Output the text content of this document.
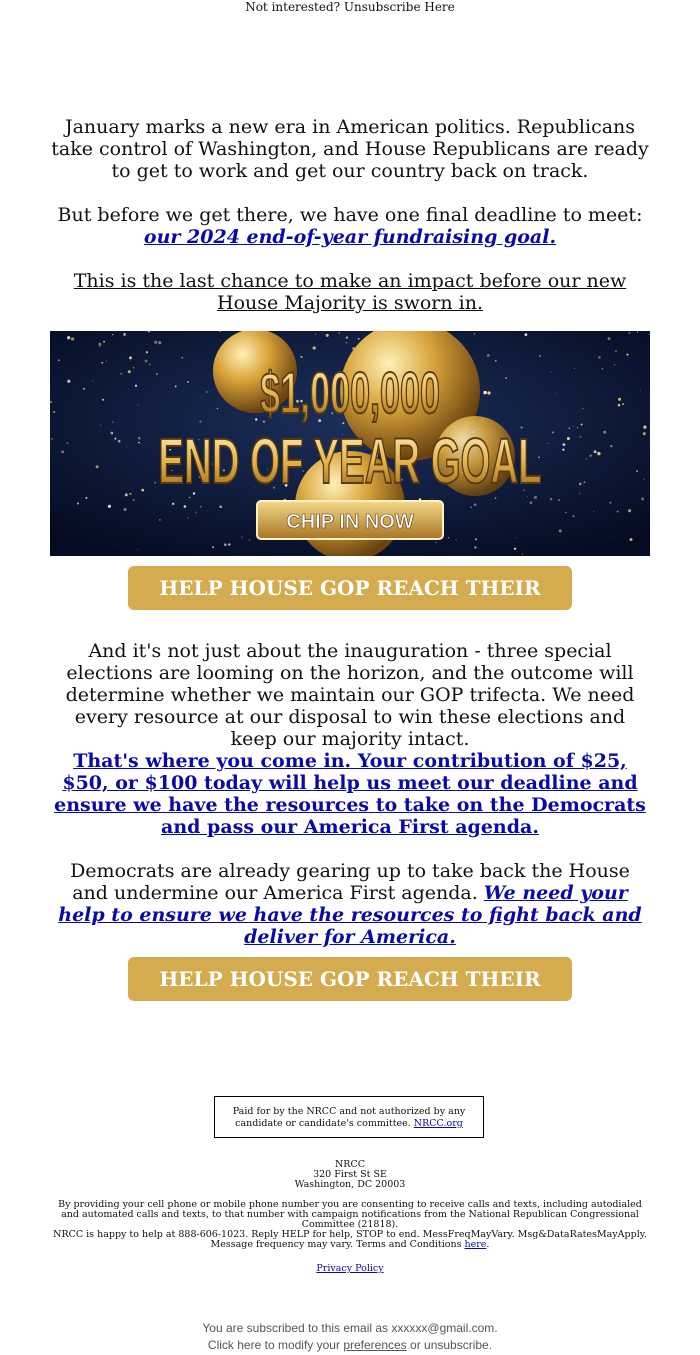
Not interested? Unsubscribe Here
January marks a new era in American politics. Republicans take control of Washington, and House Republicans are ready to get to work and get our country back on track.
But before we get there, we have one final deadline to meet: our 2024 end-of-year fundraising goal.
This is the last chance to make an impact before our new House Majority is sworn in.
$1,000,000
END OF YEAR GOAL
CHIP IN NOW
HELP HOUSE GOP REACH THEIR GOAL
And it's not just about the inauguration - three special elections are looming on the horizon, and the outcome will determine whether we maintain our GOP trifecta. We need every resource at our disposal to win these elections and keep our majority intact.
That's where you come in. Your contribution of $25, $50, or $100 today will help us meet our deadline and ensure we have the resources to take on the Democrats and pass our America First agenda.
Democrats are already gearing up to take back the House and undermine our America First agenda. We need your help to ensure we have the resources to fight back and deliver for America.
HELP HOUSE GOP REACH THEIR GOAL
Paid for by the NRCC and not authorized by any candidate or candidate's committee. NRCC.org
NRCC
320 First St SE
Washington, DC 20003
By providing your cell phone or mobile phone number you are consenting to receive calls and texts, including autodialed and automated calls and texts, to that number with campaign notifications from the National Republican Congressional Committee (21818).
NRCC is happy to help at 888-606-1023. Reply HELP for help, STOP to end. MessFreqMayVary. Msg&DataRatesMayApply. Message frequency may vary. Terms and Conditions here.
Privacy Policy
You are subscribed to this email as xxxxxx@gmail.com.
Click here to modify your preferences or unsubscribe.
